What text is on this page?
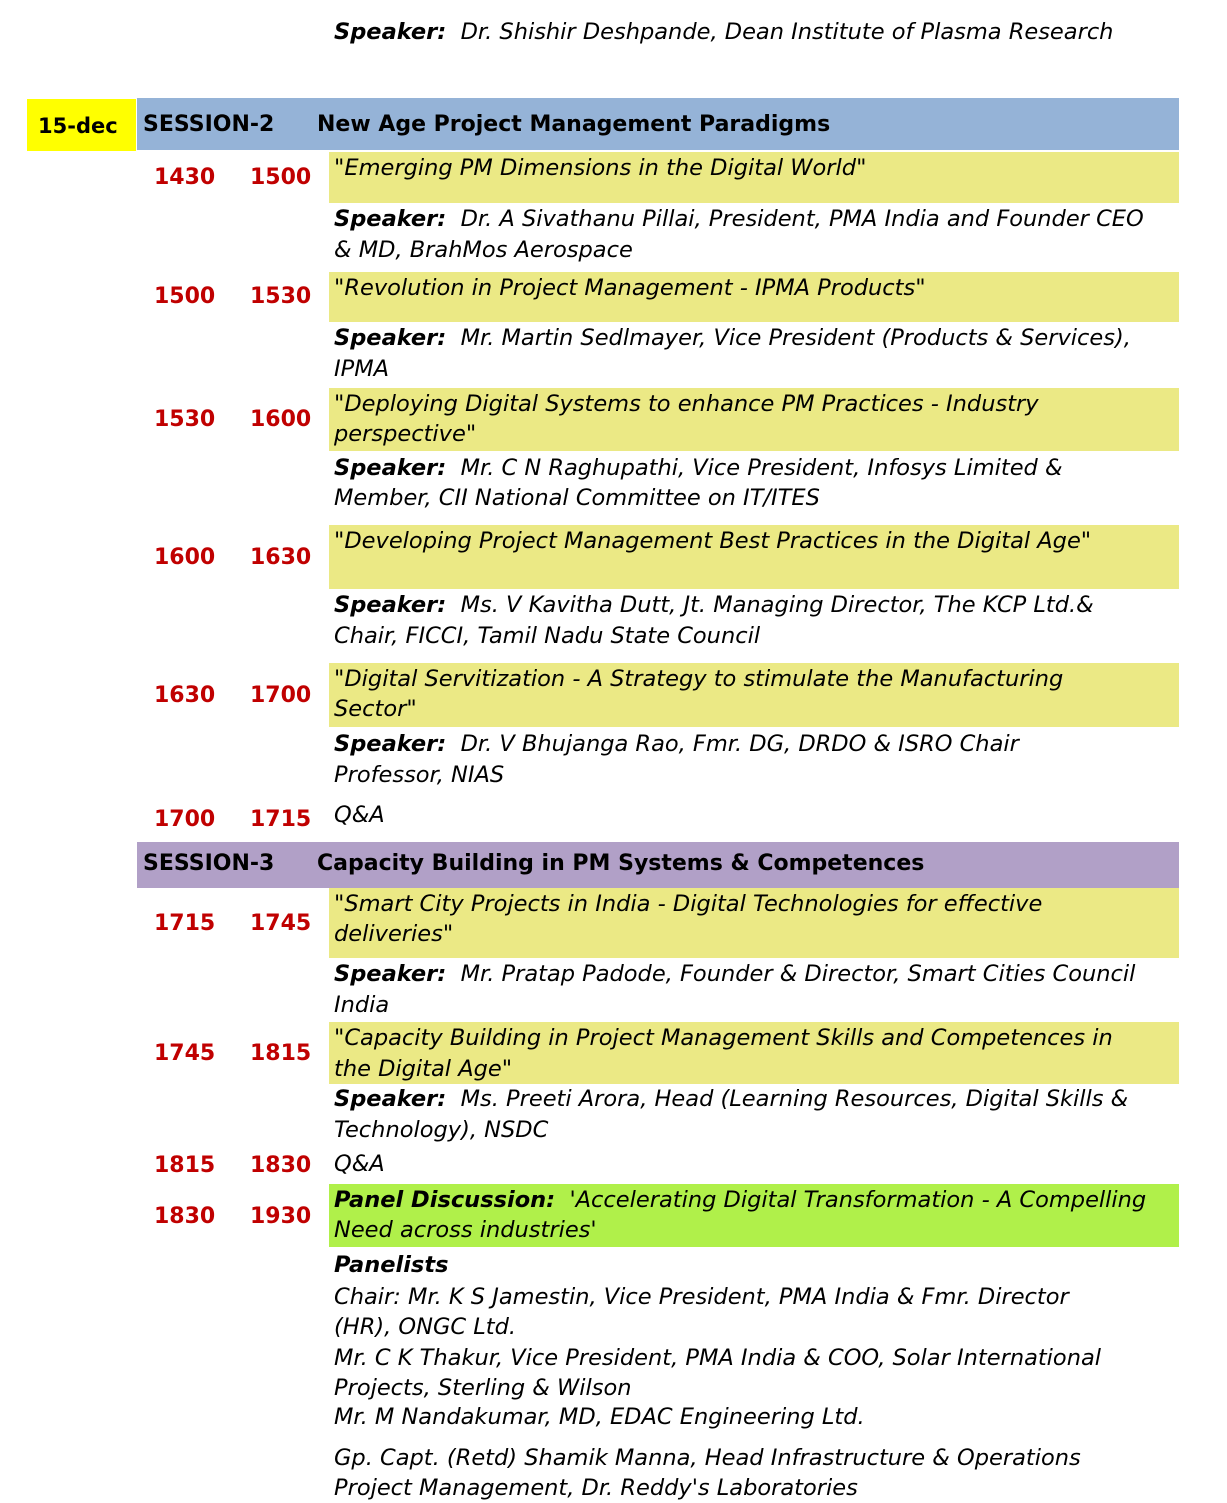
Speaker: Dr. Shishir Deshpande, Dean Institute of Plasma Research
15-dec SESSION-2 New Age Project Management Paradigms
1430 1500 "Emerging PM Dimensions in the Digital World"
Speaker: Dr. A Sivathanu Pillai, President, PMA India and Founder CEO
& MD, BrahMos Aerospace
1500 1530 "Revolution in Project Management - IPMA Products"
Speaker: Mr. Martin Sedlmayer, Vice President (Products & Services),
IPMA
1530 1600
"Deploying Digital Systems to enhance PM Practices - Industry
perspective"
Speaker: Mr. C N Raghupathi, Vice President, Infosys Limited &
Member, CII National Committee on IT/ITES
1600 1630
"Developing Project Management Best Practices in the Digital Age"
Speaker: Ms. V Kavitha Dutt, Jt. Managing Director, The KCP Ltd.&
Chair, FICCI, Tamil Nadu State Council
1630 1700
"Digital Servitization - A Strategy to stimulate the Manufacturing
Sector"
Speaker: Dr. V Bhujanga Rao, Fmr. DG, DRDO & ISRO Chair
Professor, NIAS
1700 1715 Q&A
SESSION-3 Capacity Building in PM Systems & Competences
1715 1745
"Smart City Projects in India - Digital Technologies for effective
deliveries"
Speaker: Mr. Pratap Padode, Founder & Director, Smart Cities Council
India
1745 1815
"Capacity Building in Project Management Skills and Competences in
the Digital Age"
Speaker: Ms. Preeti Arora, Head (Learning Resources, Digital Skills &
Technology), NSDC
1815 1830 Q&A
1830 1930
Panel Discussion: 'Accelerating Digital Transformation - A Compelling
Need across industries'
Panelists
Chair: Mr. K S Jamestin, Vice President, PMA India & Fmr. Director
(HR), ONGC Ltd.
Mr. C K Thakur, Vice President, PMA India & COO, Solar International
Projects, Sterling & Wilson
Mr. M Nandakumar, MD, EDAC Engineering Ltd.
Gp. Capt. (Retd) Shamik Manna, Head Infrastructure & Operations
Project Management, Dr. Reddy's Laboratories
